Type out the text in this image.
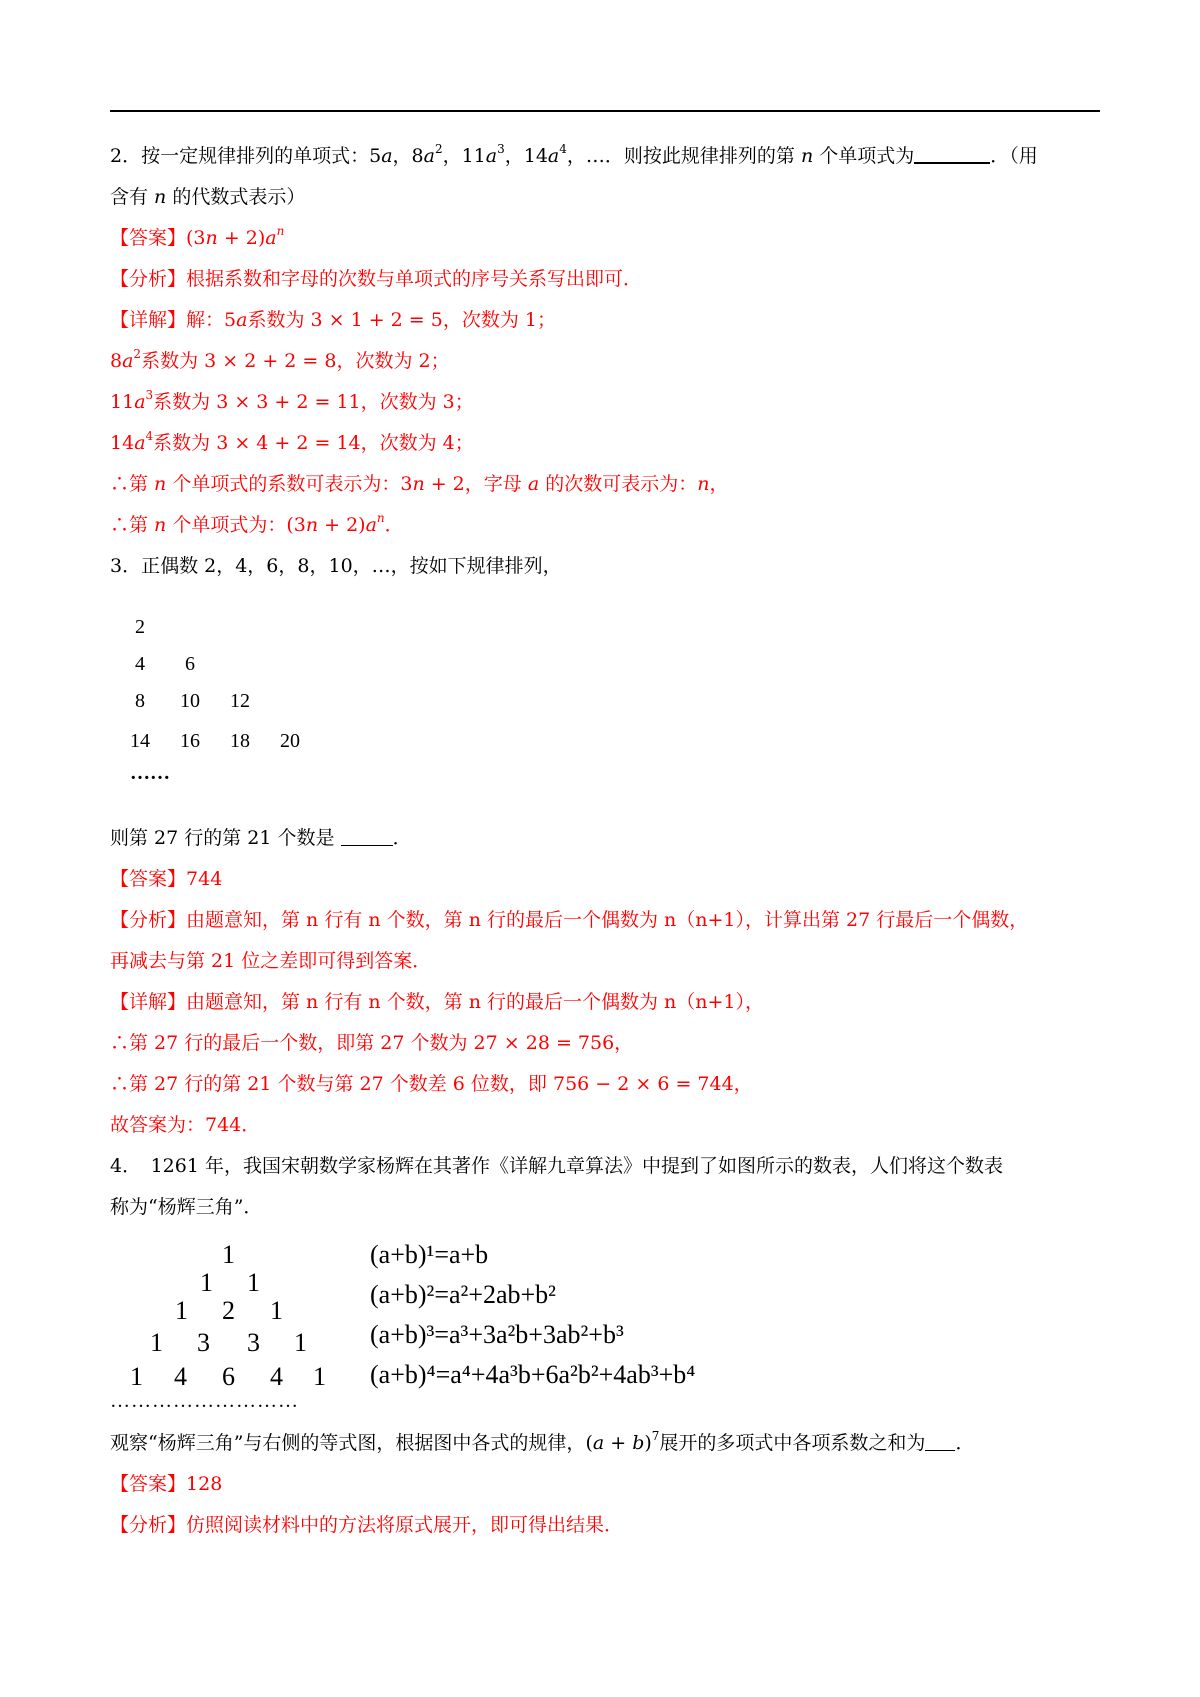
2．按一定规律排列的单项式：5a，$8a^2$，$11a^3$，$14a^4$，…．则按此规律排列的第 n 个单项式为	．（用
含有 n 的代数式表示）
【答案】$(3n + 2)a^n$
【分析】根据系数和字母的次数与单项式的序号关系写出即可．
【详解】解：5a系数为 3 × 1 + 2 = 5，次数为 1；
$8a^2$系数为 3 × 2 + 2 = 8，次数为 2；
$11a^3$系数为 3 × 3 + 2 = 11，次数为 3；
$14a^4$系数为 3 × 4 + 2 = 14，次数为 4；
∴第 n 个单项式的系数可表示为：3n + 2，字母 a 的次数可表示为：n，
∴第 n 个单项式为：$(3n + 2)a^n$．
3．正偶数 2，4，6，8，10，…，按如下规律排列，
2
4 6
8 10 12
14 16 18 20
……
则第 27 行的第 21 个数是	．
【答案】744
【分析】由题意知，第 n 行有 n 个数，第 n 行的最后一个偶数为 n（n+1），计算出第 27 行最后一个偶数，
再减去与第 21 位之差即可得到答案．
【详解】由题意知，第 n 行有 n 个数，第 n 行的最后一个偶数为 n（n+1），
∴第 27 行的最后一个数，即第 27 个数为 27 × 28 = 756，
∴第 27 行的第 21 个数与第 27 个数差 6 位数，即 756 − 2 × 6 = 744，
故答案为：744．
4．　1261 年，我国宋朝数学家杨辉在其著作《详解九章算法》中提到了如图所示的数表，人们将这个数表
称为“杨辉三角”．
1
1 1
1 2 1
1 3 3 1
1 4 6 4 1
………………………
(a+b)¹=a+b
(a+b)²=a²+2ab+b²
(a+b)³=a³+3a²b+3ab²+b³
(a+b)⁴=a⁴+4a³b+6a²b²+4ab³+b⁴
观察“杨辉三角”与右侧的等式图，根据图中各式的规律，$(a + b)^7$展开的多项式中各项系数之和为 ．
【答案】128
【分析】仿照阅读材料中的方法将原式展开，即可得出结果．
